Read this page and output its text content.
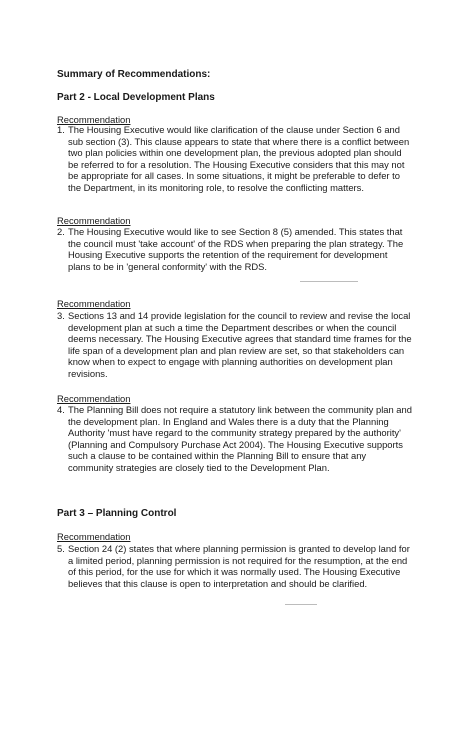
Summary of Recommendations:
Part 2 - Local Development Plans
Recommendation
1. The Housing Executive would like clarification of the clause under Section 6 and sub section (3). This clause appears to state that where there is a conflict between two plan policies within one development plan, the previous adopted plan should be referred to for a resolution. The Housing Executive considers that this may not be appropriate for all cases. In some situations, it might be preferable to defer to the Department, in its monitoring role, to resolve the conflicting matters.
Recommendation
2. The Housing Executive would like to see Section 8 (5) amended. This states that the council must 'take account' of the RDS when preparing the plan strategy. The Housing Executive supports the retention of the requirement for development plans to be in 'general conformity' with the RDS.
Recommendation
3. Sections 13 and 14 provide legislation for the council to review and revise the local development plan at such a time the Department describes or when the council deems necessary. The Housing Executive agrees that standard time frames for the life span of a development plan and plan review are set, so that stakeholders can know when to expect to engage with planning authorities on development plan revisions.
Recommendation
4. The Planning Bill does not require a statutory link between the community plan and the development plan. In England and Wales there is a duty that the Planning Authority 'must have regard to the community strategy prepared by the authority' (Planning and Compulsory Purchase Act 2004). The Housing Executive supports such a clause to be contained within the Planning Bill to ensure that any community strategies are closely tied to the Development Plan.
Part 3 – Planning Control
Recommendation
5. Section 24 (2) states that where planning permission is granted to develop land for a limited period, planning permission is not required for the resumption, at the end of this period, for the use for which it was normally used. The Housing Executive believes that this clause is open to interpretation and should be clarified.
